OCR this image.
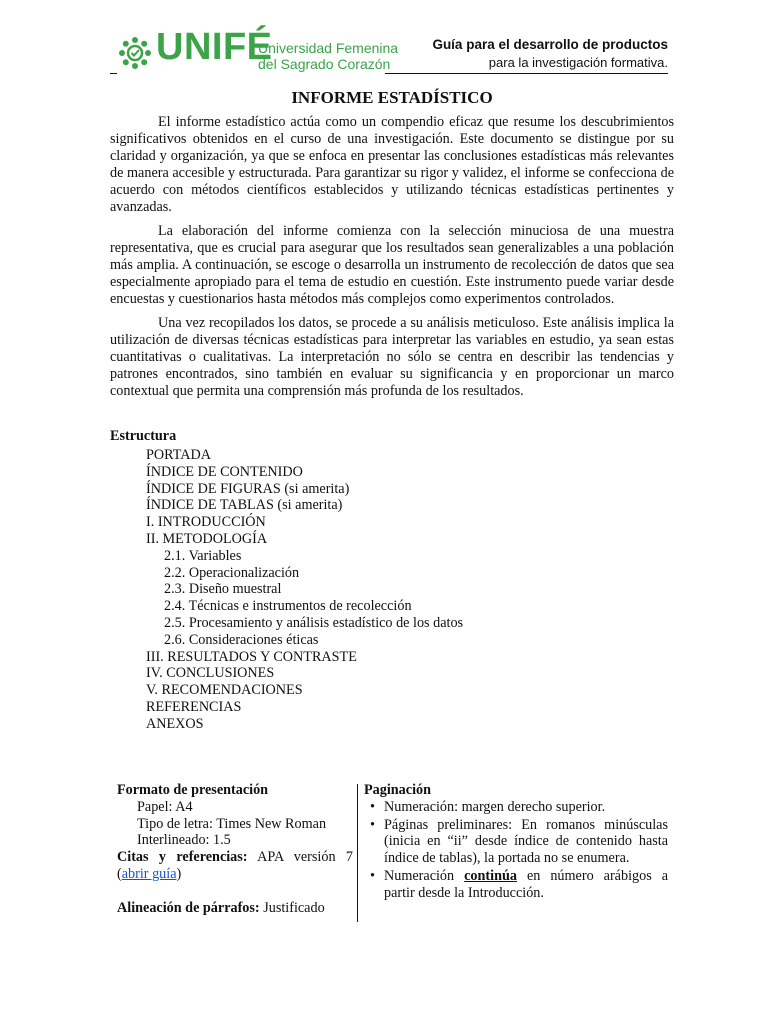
UNIFÉ
Universidad Femenina
del Sagrado Corazón
Guía para el desarrollo de productos
para la investigación formativa.
INFORME ESTADÍSTICO

El informe estadístico actúa como un compendio eficaz que resume los descubrimientos significativos obtenidos en el curso de una investigación. Este documento se distingue por su claridad y organización, ya que se enfoca en presentar las conclusiones estadísticas más relevantes de manera accesible y estructurada. Para garantizar su rigor y validez, el informe se confecciona de acuerdo con métodos científicos establecidos y utilizando técnicas estadísticas pertinentes y avanzadas.

La elaboración del informe comienza con la selección minuciosa de una muestra representativa, que es crucial para asegurar que los resultados sean generalizables a una población más amplia. A continuación, se escoge o desarrolla un instrumento de recolección de datos que sea especialmente apropiado para el tema de estudio en cuestión. Este instrumento puede variar desde encuestas y cuestionarios hasta métodos más complejos como experimentos controlados.

Una vez recopilados los datos, se procede a su análisis meticuloso. Este análisis implica la utilización de diversas técnicas estadísticas para interpretar las variables en estudio, ya sean estas cuantitativas o cualitativas. La interpretación no sólo se centra en describir las tendencias y patrones encontrados, sino también en evaluar su significancia y en proporcionar un marco contextual que permita una comprensión más profunda de los resultados.

Estructura
PORTADA
ÍNDICE DE CONTENIDO
ÍNDICE DE FIGURAS (si amerita)
ÍNDICE DE TABLAS (si amerita)
I. INTRODUCCIÓN
II. METODOLOGÍA
2.1. Variables
2.2. Operacionalización
2.3. Diseño muestral
2.4. Técnicas e instrumentos de recolección
2.5. Procesamiento y análisis estadístico de los datos
2.6. Consideraciones éticas
III. RESULTADOS Y CONTRASTE
IV. CONCLUSIONES
V. RECOMENDACIONES
REFERENCIAS
ANEXOS
Formato de presentación
Papel: A4
Tipo de letra: Times New Roman
Interlineado: 1.5
Citas y referencias: APA versión 7 (abrir guía)
Alineación de párrafos: Justificado
Paginación
• Numeración: margen derecho superior.
• Páginas preliminares: En romanos minúsculas (inicia en “ii” desde índice de contenido hasta índice de tablas), la portada no se enumera.
• Numeración continúa en número arábigos a partir desde la Introducción.
